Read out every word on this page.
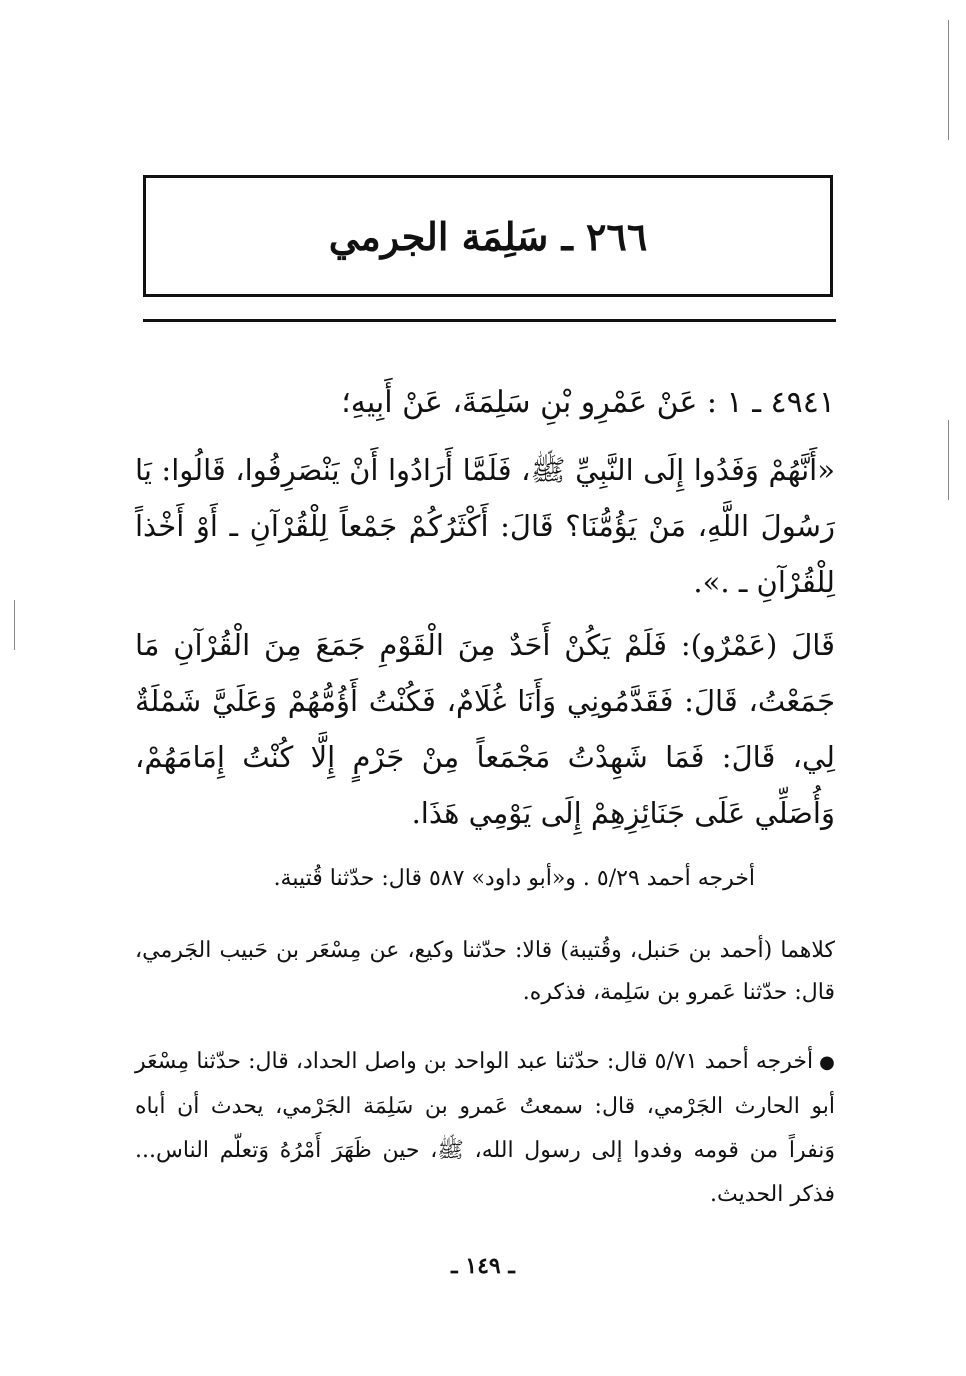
٢٦٦ ـ سَلِمَة الجرمي
٤٩٤١ ـ ١ : عَنْ عَمْرِو بْنِ سَلِمَةَ، عَنْ أَبِيهِ؛
«أَنَّهُمْ وَفَدُوا إِلَى النَّبِيِّ ﷺ، فَلَمَّا أَرَادُوا أَنْ يَنْصَرِفُوا، قَالُوا: يَا رَسُولَ اللَّهِ، مَنْ يَؤُمُّنَا؟ قَالَ: أَكْثَرُكُمْ جَمْعاً لِلْقُرْآنِ ـ أَوْ أَخْذاً لِلْقُرْآنِ ـ .».
قَالَ (عَمْرٌو): فَلَمْ يَكُنْ أَحَدٌ مِنَ الْقَوْمِ جَمَعَ مِنَ الْقُرْآنِ مَا جَمَعْتُ، قَالَ: فَقَدَّمُونِي وَأَنَا غُلَامٌ، فَكُنْتُ أَؤُمُّهُمْ وَعَلَيَّ شَمْلَةٌ لِي، قَالَ: فَمَا شَهِدْتُ مَجْمَعاً مِنْ جَرْمٍ إِلَّا كُنْتُ إِمَامَهُمْ، وَأُصَلِّي عَلَى جَنَائِزِهِمْ إِلَى يَوْمِي هَذَا.
أخرجه أحمد ٥/٢٩ . و«أبو داود» ٥٨٧ قال: حدّثنا قُتيبة.
كلاهما (أحمد بن حَنبل، وقُتيبة) قالا: حدّثنا وكيع، عن مِسْعَر بن حَبيب الجَرمي، قال: حدّثنا عَمرو بن سَلِمة، فذكره.
●أخرجه أحمد ٥/٧١ قال: حدّثنا عبد الواحد بن واصل الحداد، قال: حدّثنا مِسْعَر أبو الحارث الجَرْمي، قال: سمعتُ عَمرو بن سَلِمَة الجَرْمي، يحدث أن أباه وَنفراً من قومه وفدوا إلى رسول الله، ﷺ، حين ظَهَرَ أَمْرُهُ وَتعلّم الناس... فذكر الحديث.
ـ ١٤٩ ـ
